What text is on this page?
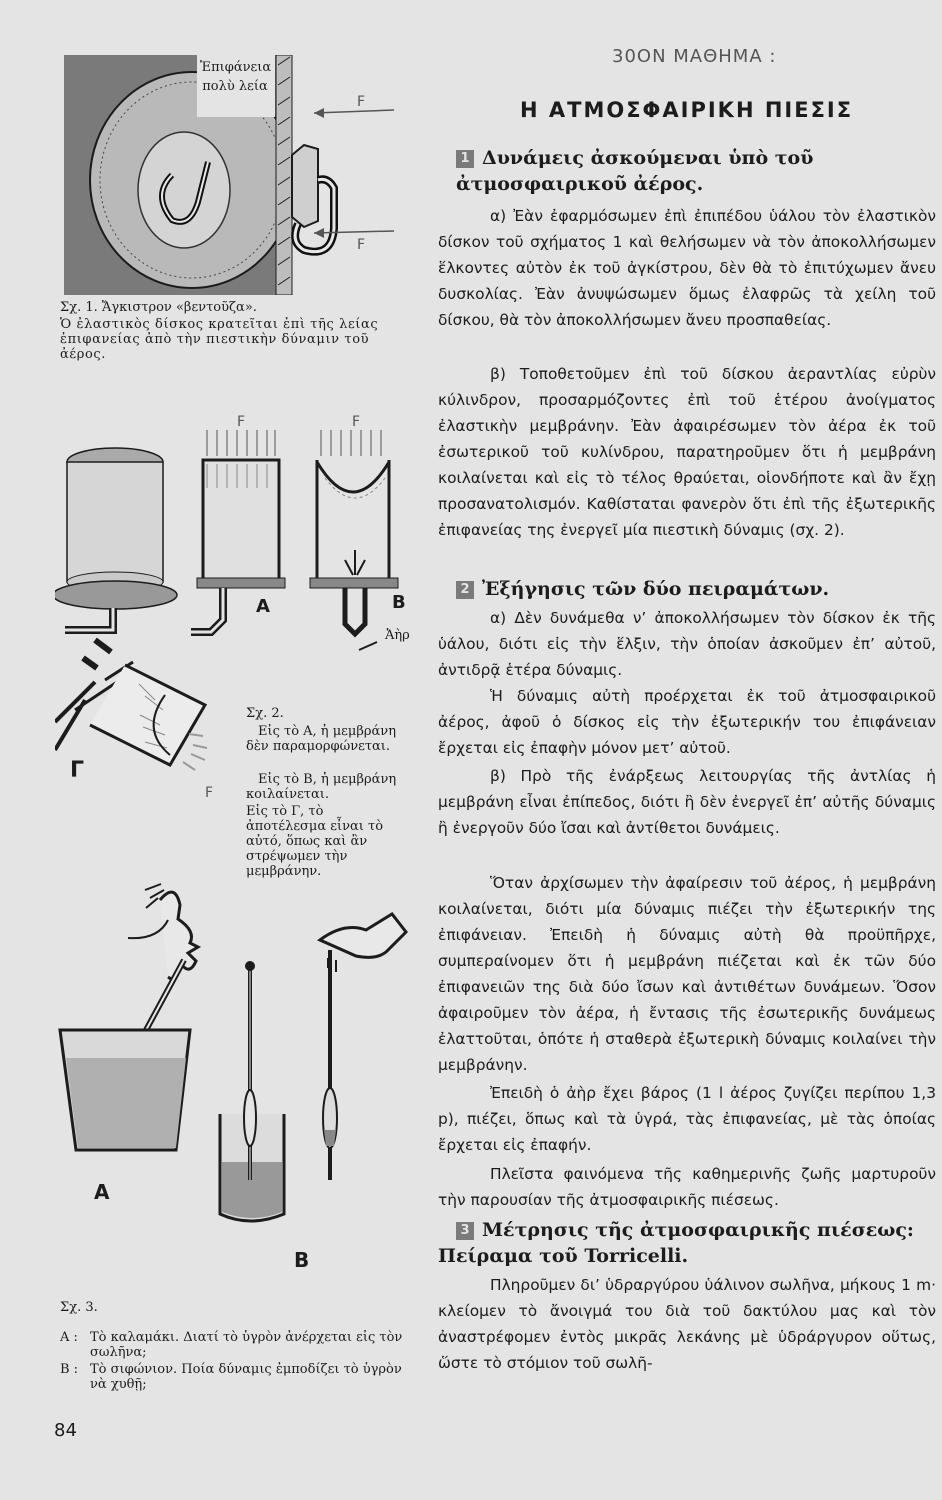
Ἐπιφάνεια πολὺ λεία
F
F

Σχ. 1. Ἄγκιστρον «βεντοῦζα».

Ὁ ἐλαστικὸς δίσκος κρατεῖται ἐπὶ τῆς λείας ἐπιφανείας ἀπὸ τὴν πιεστικὴν δύναμιν τοῦ ἀέρος.

F	F
Α	Β
Ἀὴρ
Γ
F

Σχ. 2.

Εἰς τὸ Α, ἡ μεμβράνη δὲν παραμορφώνεται.

Εἰς τὸ Β, ἡ μεμβράνη κοιλαίνεται.

Εἰς τὸ Γ, τὸ ἀποτέλεσμα εἶναι τὸ αὐτό, ὅπως καὶ ἂν στρέψωμεν τὴν μεμβράνην.

Α
Β

Σχ. 3.

Α : Τὸ καλαμάκι. Διατί τὸ ὑγρὸν ἀνέρχεται εἰς τὸν σωλῆνα;
Β : Τὸ σιφώνιον. Ποία δύναμις ἐμποδίζει τὸ ὑγρὸν νὰ χυθῇ;
84
30ΟΝ ΜΑΘΗΜΑ :
Η ΑΤΜΟΣΦΑΙΡΙΚΗ ΠΙΕΣΙΣ
1 Δυνάμεις ἀσκούμεναι ὑπὸ τοῦ ἀτμοσφαιρικοῦ ἀέρος.

α) Ἐὰν ἐφαρμόσωμεν ἐπὶ ἐπιπέδου ὑάλου τὸν ἐλαστικὸν δίσκον τοῦ σχήματος 1 καὶ θελήσωμεν νὰ τὸν ἀποκολλήσωμεν ἕλκοντες αὐτὸν ἐκ τοῦ ἀγκίστρου, δὲν θὰ τὸ ἐπιτύχωμεν ἄνευ δυσκολίας. Ἐὰν ἀνυψώσωμεν ὅμως ἐλαφρῶς τὰ χείλη τοῦ δίσκου, θὰ τὸν ἀποκολλήσωμεν ἄνευ προσπαθείας.

β) Τοποθετοῦμεν ἐπὶ τοῦ δίσκου ἀεραντλίας εὐρὺν κύλινδρον, προσαρμόζοντες ἐπὶ τοῦ ἑτέρου ἀνοίγματος ἐλαστικὴν μεμβράνην. Ἐὰν ἀφαιρέσωμεν τὸν ἀέρα ἐκ τοῦ ἐσωτερικοῦ τοῦ κυλίνδρου, παρατηροῦμεν ὅτι ἡ μεμβράνη κοιλαίνεται καὶ εἰς τὸ τέλος θραύεται, οἱονδήποτε καὶ ἂν ἔχῃ προσανατολισμόν. Καθίσταται φανερὸν ὅτι ἐπὶ τῆς ἐξωτερικῆς ἐπιφανείας της ἐνεργεῖ μία πιεστικὴ δύναμις (σχ. 2).

2 Ἐξήγησις τῶν δύο πειραμάτων.

α) Δὲν δυνάμεθα ν’ ἀποκολλήσωμεν τὸν δίσκον ἐκ τῆς ὑάλου, διότι εἰς τὴν ἕλξιν, τὴν ὁποίαν ἀσκοῦμεν ἐπ’ αὐτοῦ, ἀντιδρᾷ ἑτέρα δύναμις.

Ἡ δύναμις αὐτὴ προέρχεται ἐκ τοῦ ἀτμοσφαιρικοῦ ἀέρος, ἀφοῦ ὁ δίσκος εἰς τὴν ἐξωτερικήν του ἐπιφάνειαν ἔρχεται εἰς ἐπαφὴν μόνον μετ’ αὐτοῦ.

β) Πρὸ τῆς ἐνάρξεως λειτουργίας τῆς ἀντλίας ἡ μεμβράνη εἶναι ἐπίπεδος, διότι ἢ δὲν ἐνεργεῖ ἐπ’ αὐτῆς δύναμις ἢ ἐνεργοῦν δύο ἴσαι καὶ ἀντίθετοι δυνάμεις.

Ὅταν ἀρχίσωμεν τὴν ἀφαίρεσιν τοῦ ἀέρος, ἡ μεμβράνη κοιλαίνεται, διότι μία δύναμις πιέζει τὴν ἐξωτερικήν της ἐπιφάνειαν. Ἐπειδὴ ἡ δύναμις αὐτὴ θὰ προϋπῆρχε, συμπεραίνομεν ὅτι ἡ μεμβράνη πιέζεται καὶ ἐκ τῶν δύο ἐπιφανειῶν της διὰ δύο ἴσων καὶ ἀντιθέτων δυνάμεων. Ὅσον ἀφαιροῦμεν τὸν ἀέρα, ἡ ἔντασις τῆς ἐσωτερικῆς δυνάμεως ἐλαττοῦται, ὁπότε ἡ σταθερὰ ἐξωτερικὴ δύναμις κοιλαίνει τὴν μεμβράνην.

Ἐπειδὴ ὁ ἀὴρ ἔχει βάρος (1 l ἀέρος ζυγίζει περίπου 1,3 p), πιέζει, ὅπως καὶ τὰ ὑγρά, τὰς ἐπιφανείας, μὲ τὰς ὁποίας ἔρχεται εἰς ἐπαφήν.

Πλεῖστα φαινόμενα τῆς καθημερινῆς ζωῆς μαρτυροῦν τὴν παρουσίαν τῆς ἀτμοσφαιρικῆς πιέσεως.

3 Μέτρησις τῆς ἀτμοσφαιρικῆς πιέσεως: Πείραμα τοῦ Torricelli.

Πληροῦμεν δι’ ὑδραργύρου ὑάλινον σωλῆνα, μήκους 1 m· κλείομεν τὸ ἄνοιγμά του διὰ τοῦ δακτύλου μας καὶ τὸν ἀναστρέφομεν ἐντὸς μικρᾶς λεκάνης μὲ ὑδράργυρον οὕτως, ὥστε τὸ στόμιον τοῦ σωλῆ-
